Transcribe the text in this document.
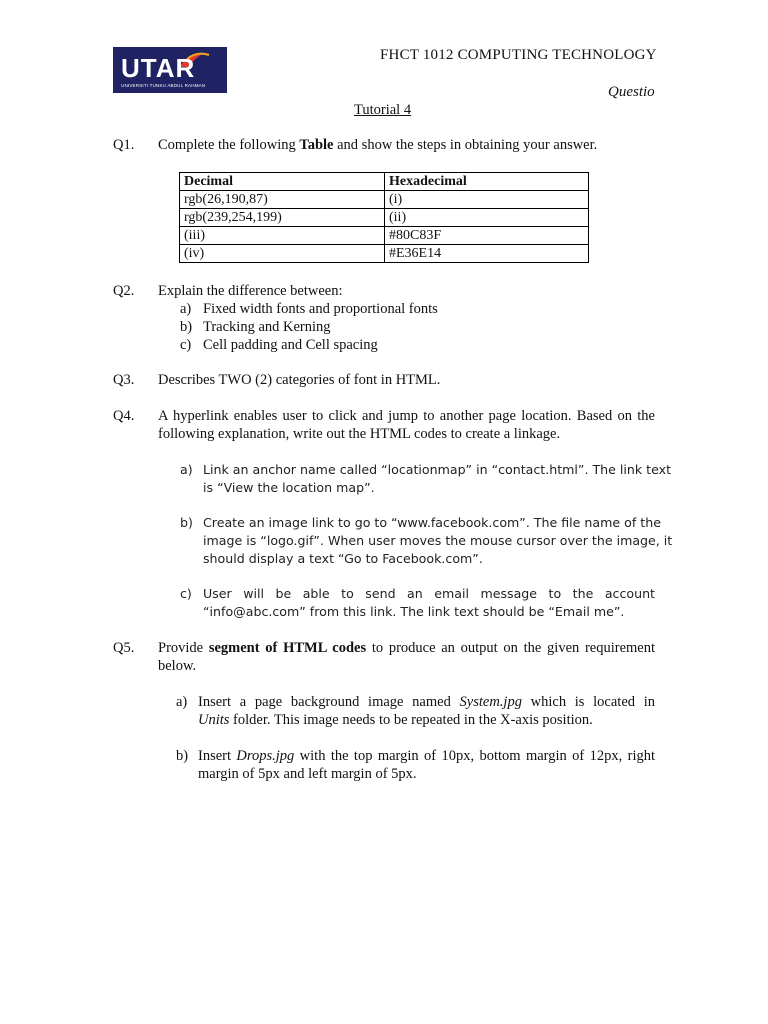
UTAR
UNIVERSITI TUNKU ABDUL RAHMAN
FHCT 1012 COMPUTING TECHNOLOGY
Questio
Tutorial 4
Q1. Complete the following Table and show the steps in obtaining your answer.
Decimal	Hexadecimal
rgb(26,190,87)	(i)
rgb(239,254,199)	(ii)
(iii)	#80C83F
(iv)	#E36E14
Q2. Explain the difference between:
a) Fixed width fonts and proportional fonts
b) Tracking and Kerning
c) Cell padding and Cell spacing
Q3. Describes TWO (2) categories of font in HTML.
Q4. A hyperlink enables user to click and jump to another page location. Based on the
following explanation, write out the HTML codes to create a linkage.
a) Link an anchor name called “locationmap” in “contact.html”. The link text
is “View the location map”.
b) Create an image link to go to “www.facebook.com”. The file name of the
image is “logo.gif”. When user moves the mouse cursor over the image, it
should display a text “Go to Facebook.com”.
c) User will be able to send an email message to the account
“info@abc.com” from this link. The link text should be “Email me”.
Q5. Provide segment of HTML codes to produce an output on the given requirement
below.
a) Insert a page background image named System.jpg which is located in
Units folder. This image needs to be repeated in the X-axis position.
b) Insert Drops.jpg with the top margin of 10px, bottom margin of 12px, right
margin of 5px and left margin of 5px.
